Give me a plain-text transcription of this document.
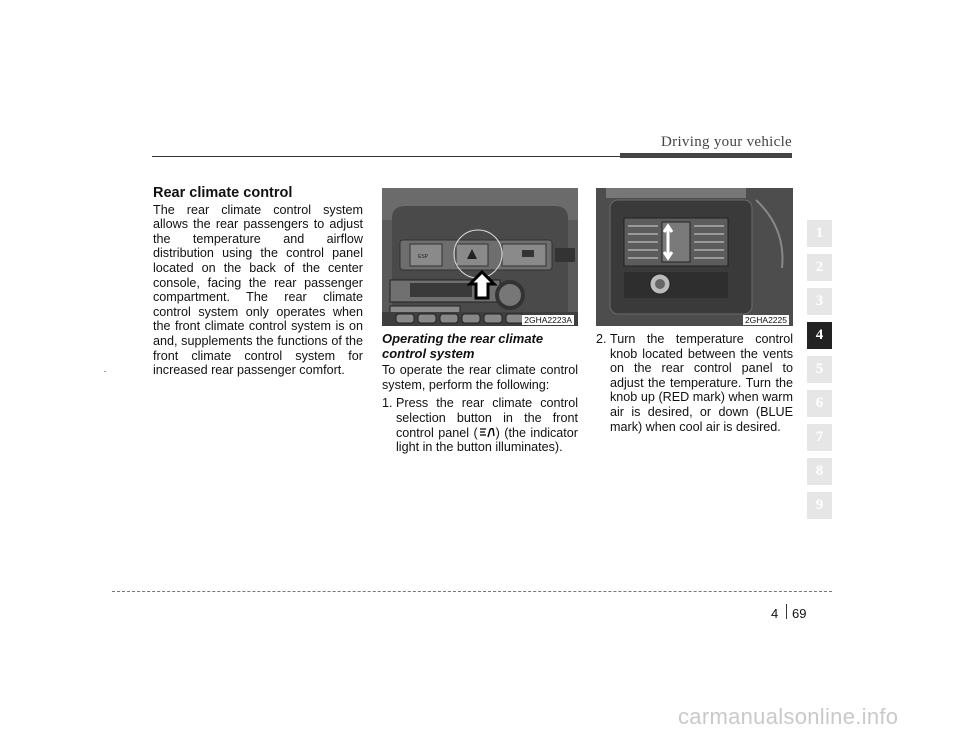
Driving your vehicle
Rear climate control

The rear climate control system allows the rear passengers to adjust the temperature and airflow distribution using the control panel located on the back of the center console, facing the rear passenger compartment. The rear climate control system only operates when the front climate control system is on and, supplements the functions of the front climate control system for increased rear passenger comfort.

ESP
2GHA2223A	2GHA2225
Operating the rear climate control system

To operate the rear climate control system, perform the following:

1. Press the rear climate control selection button in the front control panel ( ) (the indicator light in the button illuminates).
2. Turn the temperature control knob located between the vents on the rear control panel to adjust the temperature. Turn the knob up (RED mark) when warm air is desired, or down (BLUE mark) when cool air is desired.
1
2
3
4
5
6
7
8
9
4 69
carmanualsonline.info
